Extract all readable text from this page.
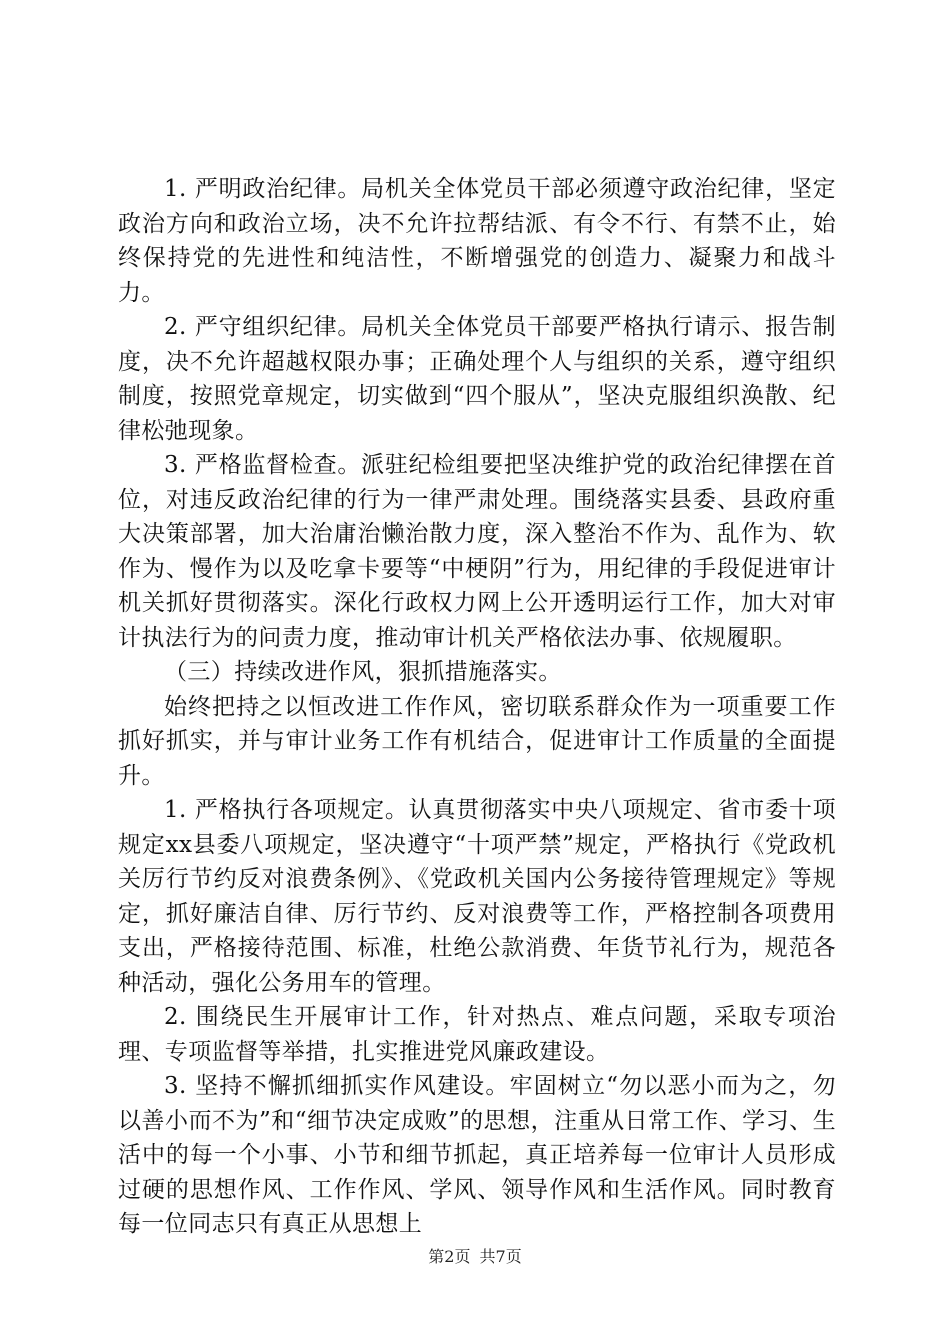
1. 严明政治纪律。局机关全体党员干部必须遵守政治纪律，坚定政治方向和政治立场，决不允许拉帮结派、有令不行、有禁不止，始终保持党的先进性和纯洁性，不断增强党的创造力、凝聚力和战斗力。

2. 严守组织纪律。局机关全体党员干部要严格执行请示、报告制度，决不允许超越权限办事；正确处理个人与组织的关系，遵守组织制度，按照党章规定，切实做到“四个服从”，坚决克服组织涣散、纪律松弛现象。

3. 严格监督检查。派驻纪检组要把坚决维护党的政治纪律摆在首位，对违反政治纪律的行为一律严肃处理。围绕落实县委、县政府重大决策部署，加大治庸治懒治散力度，深入整治不作为、乱作为、软作为、慢作为以及吃拿卡要等“中梗阴”行为，用纪律的手段促进审计机关抓好贯彻落实。深化行政权力网上公开透明运行工作，加大对审计执法行为的问责力度，推动审计机关严格依法办事、依规履职。

（三）持续改进作风，狠抓措施落实。

始终把持之以恒改进工作作风，密切联系群众作为一项重要工作抓好抓实，并与审计业务工作有机结合，促进审计工作质量的全面提升。

1. 严格执行各项规定。认真贯彻落实中央八项规定、省市委十项规定xx县委八项规定，坚决遵守“十项严禁”规定，严格执行《党政机关厉行节约反对浪费条例》、《党政机关国内公务接待管理规定》等规定，抓好廉洁自律、厉行节约、反对浪费等工作，严格控制各项费用支出，严格接待范围、标准，杜绝公款消费、年货节礼行为，规范各种活动，强化公务用车的管理。

2. 围绕民生开展审计工作，针对热点、难点问题，采取专项治理、专项监督等举措，扎实推进党风廉政建设。

3. 坚持不懈抓细抓实作风建设。牢固树立“勿以恶小而为之，勿以善小而不为”和“细节决定成败”的思想，注重从日常工作、学习、生活中的每一个小事、小节和细节抓起，真正培养每一位审计人员形成过硬的思想作风、工作作风、学风、领导作风和生活作风。同时教育每一位同志只有真正从思想上

第2页 共7页
